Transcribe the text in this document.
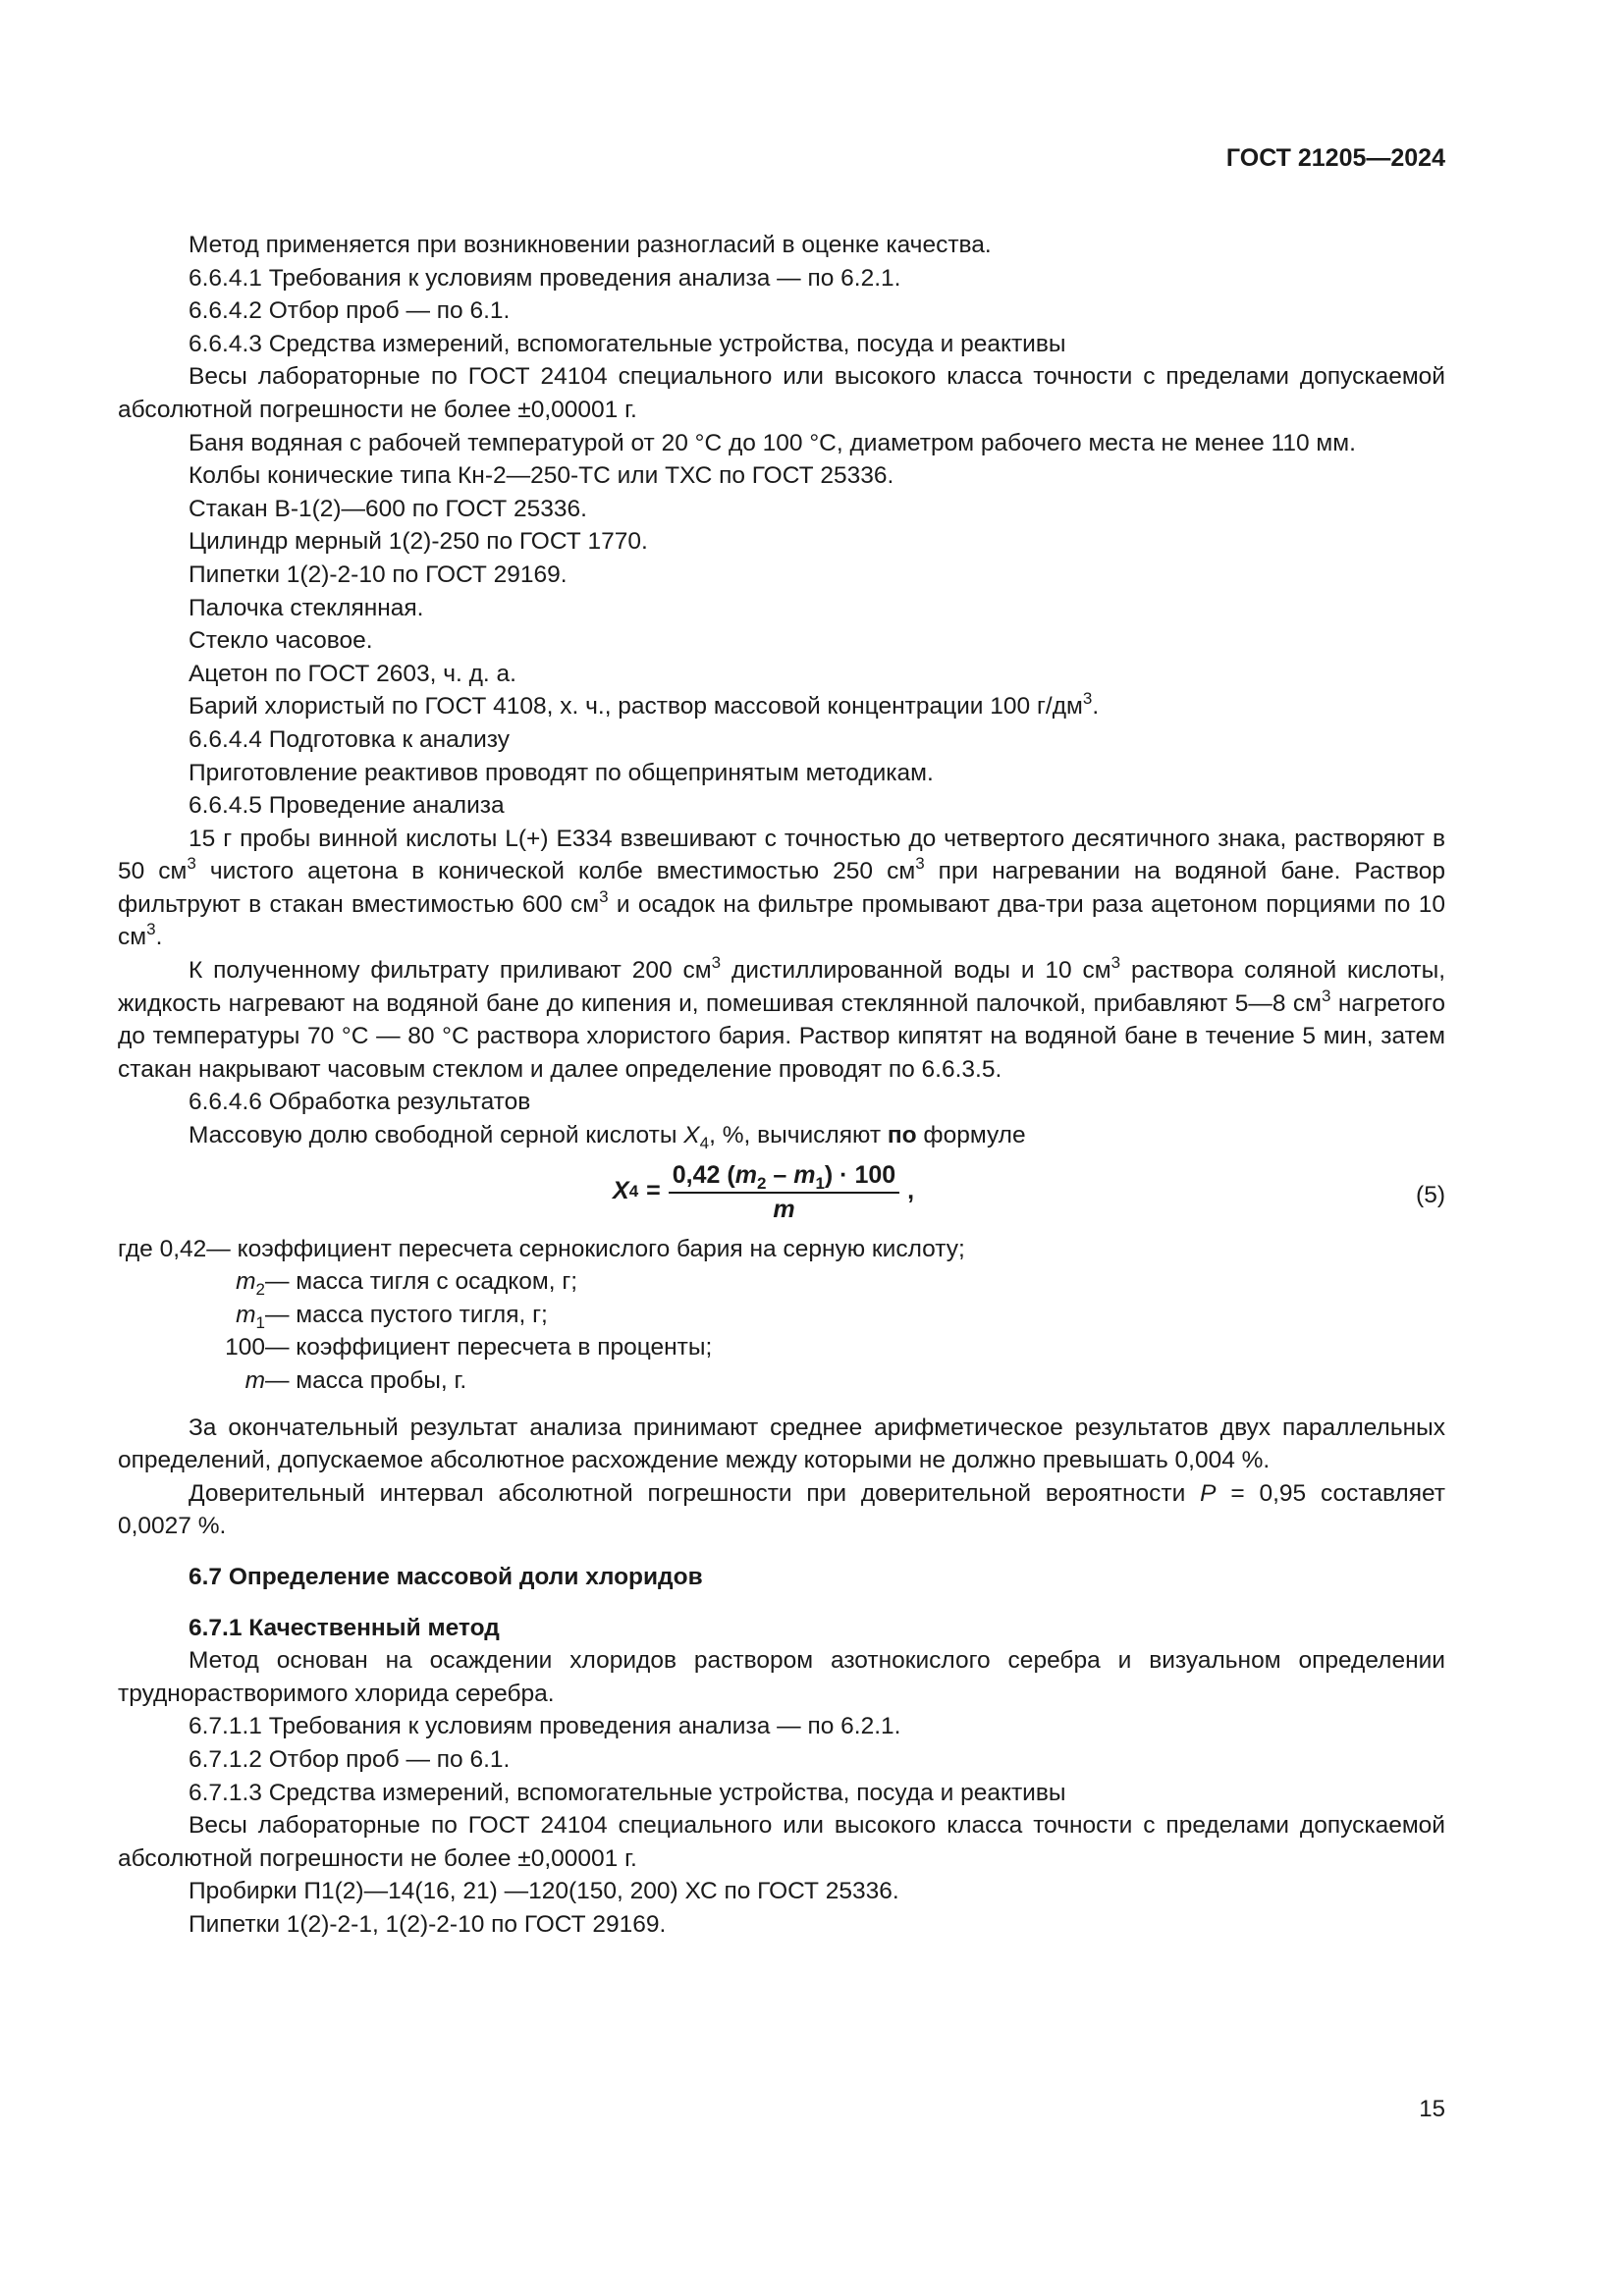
ГОСТ 21205—2024

Метод применяется при возникновении разногласий в оценке качества.

6.6.4.1 Требования к условиям проведения анализа — по 6.2.1.

6.6.4.2 Отбор проб — по 6.1.

6.6.4.3 Средства измерений, вспомогательные устройства, посуда и реактивы

Весы лабораторные по ГОСТ 24104 специального или высокого класса точности с пределами допускаемой абсолютной погрешности не более ±0,00001 г.

Баня водяная с рабочей температурой от 20 °С до 100 °С, диаметром рабочего места не менее 110 мм.

Колбы конические типа Кн-2—250-ТС или ТХС по ГОСТ 25336.

Стакан В-1(2)—600 по ГОСТ 25336.

Цилиндр мерный 1(2)-250 по ГОСТ 1770.

Пипетки 1(2)-2-10 по ГОСТ 29169.

Палочка стеклянная.

Стекло часовое.

Ацетон по ГОСТ 2603, ч. д. а.

Барий хлористый по ГОСТ 4108, х. ч., раствор массовой концентрации 100 $г/дм^3$.

6.6.4.4 Подготовка к анализу

Приготовление реактивов проводят по общепринятым методикам.

6.6.4.5 Проведение анализа

15 г пробы винной кислоты L(+) Е334 взвешивают с точностью до четвертого десятичного знака, растворяют в 50 $см^3$ чистого ацетона в конической колбе вместимостью 250 $см^3$ при нагревании на водяной бане. Раствор фильтруют в стакан вместимостью 600 $см^3$ и осадок на фильтре промывают два-три раза ацетоном порциями по 10 $см^3$.

К полученному фильтрату приливают 200 $см^3$ дистиллированной воды и 10 $см^3$ раствора соляной кислоты, жидкость нагревают на водяной бане до кипения и, помешивая стеклянной палочкой, прибавляют 5—8 $см^3$ нагретого до температуры 70 °С — 80 °С раствора хлористого бария. Раствор кипятят на водяной бане в течение 5 мин, затем стакан накрывают часовым стеклом и далее определение проводят по 6.6.3.5.

6.6.4.6 Обработка результатов

Массовую долю свободной серной кислоты $X_4$, %, вычисляют по формуле

X $4 = \frac{0,42 (m_2 - m_1) \cdot 100}{m}$ ,	(5)
где
0,42 — коэффициент пересчета сернокислого бария на серную кислоту;
$m_2$ — масса тигля с осадком, г;
$m_1$ — масса пустого тигля, г;
100 — коэффициент пересчета в проценты;
m — масса пробы, г.

За окончательный результат анализа принимают среднее арифметическое результатов двух параллельных определений, допускаемое абсолютное расхождение между которыми не должно превышать 0,004 %.

Доверительный интервал абсолютной погрешности при доверительной вероятности P = 0,95 составляет 0,0027 %.

6.7 Определение массовой доли хлоридов

6.7.1 Качественный метод

Метод основан на осаждении хлоридов раствором азотнокислого серебра и визуальном определении труднорастворимого хлорида серебра.

6.7.1.1 Требования к условиям проведения анализа — по 6.2.1.

6.7.1.2 Отбор проб — по 6.1.

6.7.1.3 Средства измерений, вспомогательные устройства, посуда и реактивы

Весы лабораторные по ГОСТ 24104 специального или высокого класса точности с пределами допускаемой абсолютной погрешности не более ±0,00001 г.

Пробирки П1(2)—14(16, 21) —120(150, 200) ХС по ГОСТ 25336.

Пипетки 1(2)-2-1, 1(2)-2-10 по ГОСТ 29169.

15
